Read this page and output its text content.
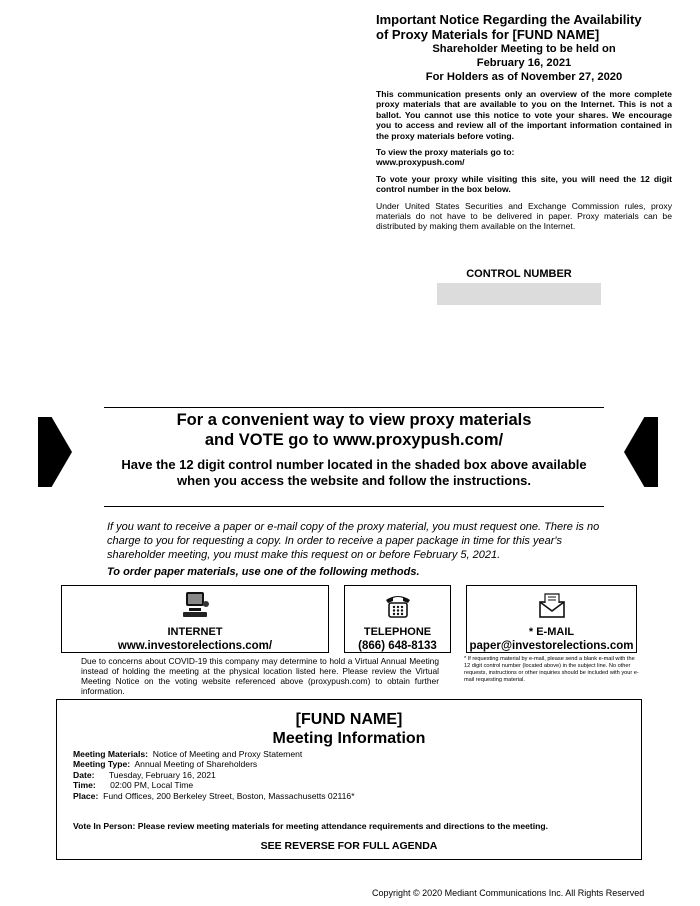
Important Notice Regarding the Availability
of Proxy Materials for [FUND NAME]
Shareholder Meeting to be held on
February 16, 2021
For Holders as of November 27, 2020
This communication presents only an overview of the more complete proxy materials that are available to you on the Internet. This is not a ballot. You cannot use this notice to vote your shares. We encourage you to access and review all of the important information contained in the proxy materials before voting.
To view the proxy materials go to:
www.proxypush.com/
To vote your proxy while visiting this site, you will need the 12 digit control number in the box below.
Under United States Securities and Exchange Commission rules, proxy materials do not have to be delivered in paper. Proxy materials can be distributed by making them available on the Internet.
CONTROL NUMBER
For a convenient way to view proxy materials
and VOTE go to www.proxypush.com/
Have the 12 digit control number located in the shaded box above available
when you access the website and follow the instructions.
If you want to receive a paper or e-mail copy of the proxy material, you must request one. There is no charge to you for requesting a copy. In order to receive a paper package in time for this year's shareholder meeting, you must make this request on or before February 5, 2021.
To order paper materials, use one of the following methods.
INTERNET
www.investorelections.com/
TELEPHONE
(866) 648-8133
* E-MAIL
paper@investorelections.com
Due to concerns about COVID-19 this company may determine to hold a Virtual Annual Meeting instead of holding the meeting at the physical location listed here. Please review the Virtual Meeting Notice on the voting website referenced above (proxypush.com) to obtain further information.
* If requesting material by e-mail, please send a blank e-mail with the 12 digit control number (located above) in the subject line. No other requests, instructions or other inquiries should be included with your e-mail requesting material.
[FUND NAME]
Meeting Information
Meeting Materials: Notice of Meeting and Proxy Statement
Meeting Type: Annual Meeting of Shareholders
Date: Tuesday, February 16, 2021
Time: 02:00 PM, Local Time
Place: Fund Offices, 200 Berkeley Street, Boston, Massachusetts 02116*
Vote In Person: Please review meeting materials for meeting attendance requirements and directions to the meeting.
SEE REVERSE FOR FULL AGENDA
Copyright © 2020 Mediant Communications Inc. All Rights Reserved
